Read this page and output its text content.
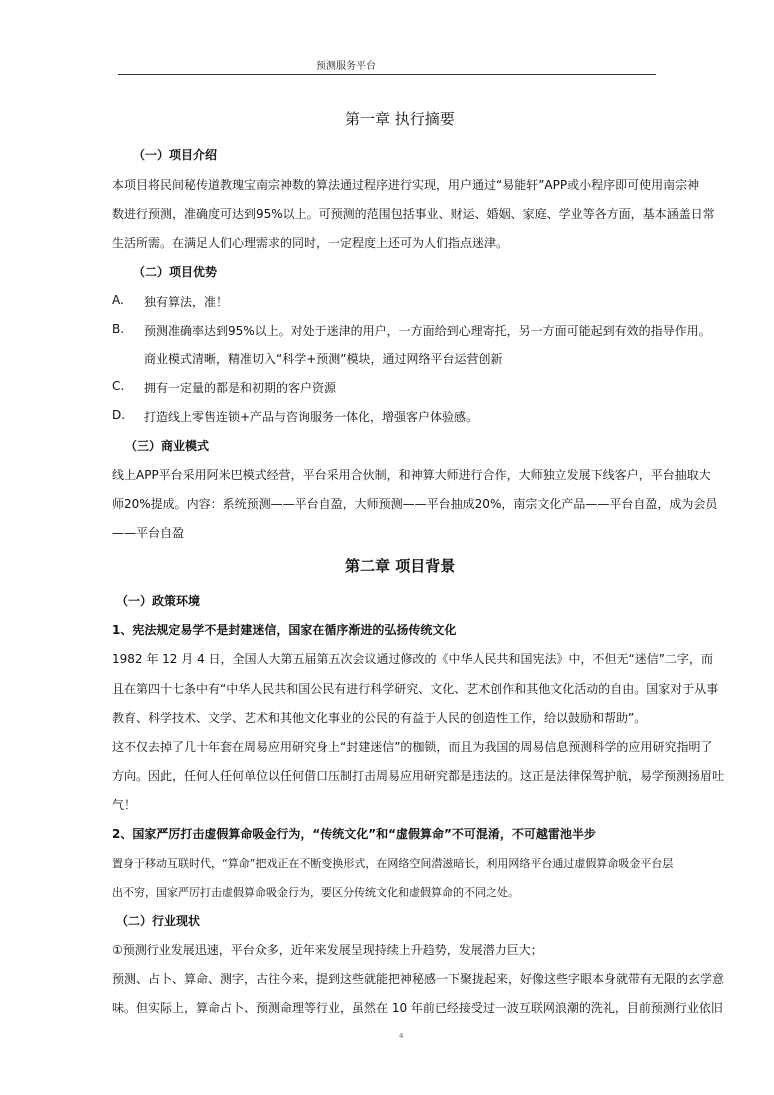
预测服务平台
第一章 执行摘要
（一）项目介绍
本项目将民间秘传道教瑰宝南宗神数的算法通过程序进行实现，用户通过“易能轩”APP或小程序即可使用南宗神
数进行预测，准确度可达到95%以上。可预测的范围包括事业、财运、婚姻、家庭、学业等各方面，基本涵盖日常
生活所需。在满足人们心理需求的同时，一定程度上还可为人们指点迷津。
（二）项目优势
A. 独有算法，准！
B. 预测准确率达到95%以上。对处于迷津的用户，一方面给到心理寄托，另一方面可能起到有效的指导作用。
商业模式清晰，精准切入“科学+预测”模块，通过网络平台运营创新
C. 拥有一定量的都是和初期的客户资源
D. 打造线上零售连锁+产品与咨询服务一体化，增强客户体验感。
（三）商业模式
线上APP平台采用阿米巴模式经营，平台采用合伙制，和神算大师进行合作，大师独立发展下线客户，平台抽取大
师20%提成。内容：系统预测——平台自盈，大师预测——平台抽成20%，南宗文化产品——平台自盈，成为会员
——平台自盈
第二章 项目背景
（一）政策环境
1、宪法规定易学不是封建迷信，国家在循序渐进的弘扬传统文化
1982 年 12 月 4 日，全国人大第五届第五次会议通过修改的《中华人民共和国宪法》中，不但无“迷信”二字，而
且在第四十七条中有“中华人民共和国公民有进行科学研究、文化、艺术创作和其他文化活动的自由。国家对于从事
教育、科学技术、文学、艺术和其他文化事业的公民的有益于人民的创造性工作，给以鼓励和帮助”。
这不仅去掉了几十年套在周易应用研究身上“封建迷信”的枷锁，而且为我国的周易信息预测科学的应用研究指明了
方向。因此，任何人任何单位以任何借口压制打击周易应用研究都是违法的。这正是法律保驾护航，易学预测扬眉吐
气！
2、国家严厉打击虚假算命吸金行为，“传统文化”和“虚假算命”不可混淆，不可越雷池半步
置身于移动互联时代，“算命”把戏正在不断变换形式，在网络空间潜滋暗长，利用网络平台通过虚假算命吸金平台层
出不穷，国家严厉打击虚假算命吸金行为，要区分传统文化和虚假算命的不同之处。
（二）行业现状
①预测行业发展迅速，平台众多，近年来发展呈现持续上升趋势，发展潜力巨大；
预测、占卜、算命、测字，古往今来，提到这些就能把神秘感一下聚拢起来，好像这些字眼本身就带有无限的玄学意
味。但实际上，算命占卜、预测命理等行业，虽然在 10 年前已经接受过一波互联网浪潮的洗礼，目前预测行业依旧
4
